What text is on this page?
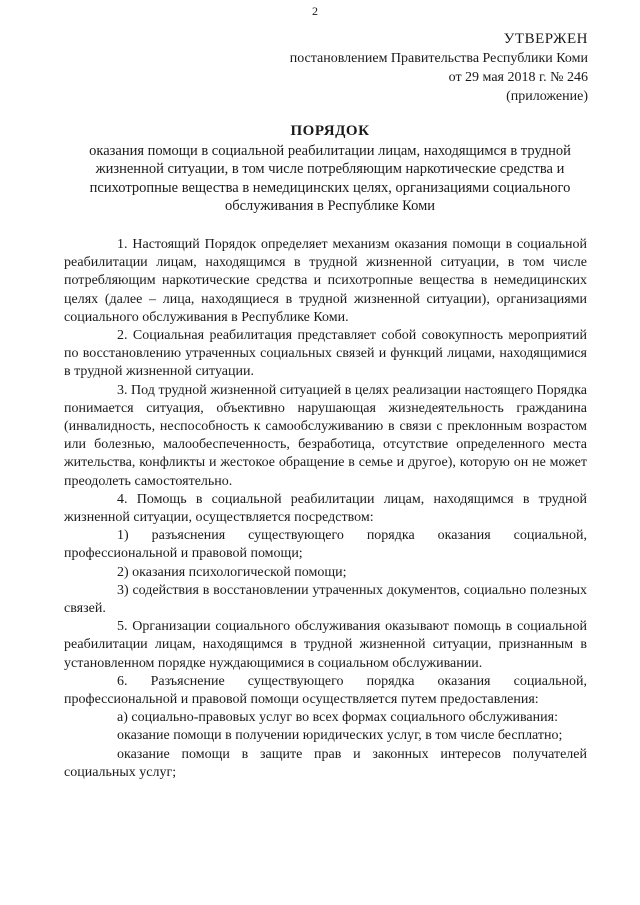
2
УТВЕРЖЕН
постановлением Правительства Республики Коми
от 29 мая 2018 г. № 246
(приложение)
ПОРЯДОК
оказания помощи в социальной реабилитации лицам, находящимся в трудной жизненной ситуации, в том числе потребляющим наркотические средства и психотропные вещества в немедицинских целях, организациями социального обслуживания в Республике Коми

1. Настоящий Порядок определяет механизм оказания помощи в социальной реабилитации лицам, находящимся в трудной жизненной ситуации, в том числе потребляющим наркотические средства и психотропные вещества в немедицинских целях (далее – лица, находящиеся в трудной жизненной ситуации), организациями социального обслуживания в Республике Коми.

2. Социальная реабилитация представляет собой совокупность мероприятий по восстановлению утраченных социальных связей и функций лицами, находящимися в трудной жизненной ситуации.

3. Под трудной жизненной ситуацией в целях реализации настоящего Порядка понимается ситуация, объективно нарушающая жизнедеятельность гражданина (инвалидность, неспособность к самообслуживанию в связи с преклонным возрастом или болезнью, малообеспеченность, безработица, отсутствие определенного места жительства, конфликты и жестокое обращение в семье и другое), которую он не может преодолеть самостоятельно.

4. Помощь в социальной реабилитации лицам, находящимся в трудной жизненной ситуации, осуществляется посредством:

1) разъяснения существующего порядка оказания социальной, профессиональной и правовой помощи;

2) оказания психологической помощи;

3) содействия в восстановлении утраченных документов, социально полезных связей.

5. Организации социального обслуживания оказывают помощь в социальной реабилитации лицам, находящимся в трудной жизненной ситуации, признанным в установленном порядке нуждающимися в социальном обслуживании.

6. Разъяснение существующего порядка оказания социальной, профессиональной и правовой помощи осуществляется путем предоставления:

а) социально-правовых услуг во всех формах социального обслуживания:

оказание помощи в получении юридических услуг, в том числе бесплатно;

оказание помощи в защите прав и законных интересов получателей социальных услуг;
